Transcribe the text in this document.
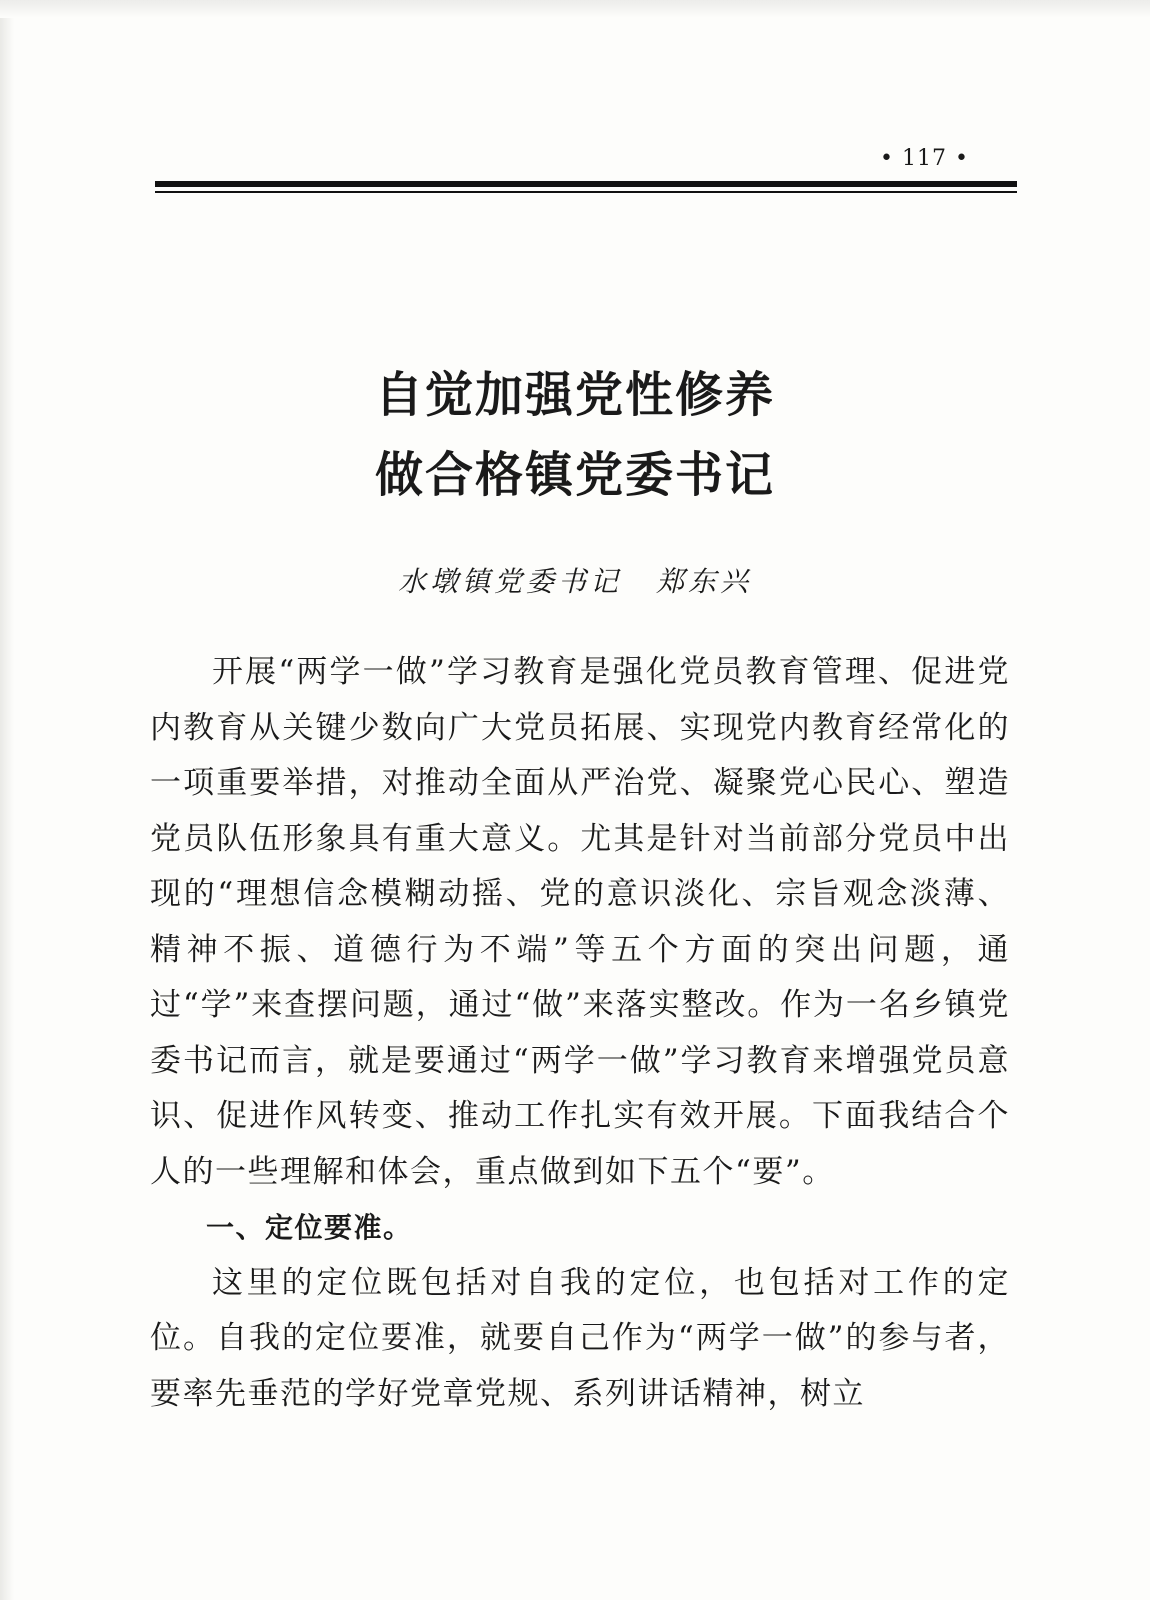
• 117 •
自觉加强党性修养
做合格镇党委书记
水墩镇党委书记 郑东兴

开展“两学一做”学习教育是强化党员教育管理、促进党内教育从关键少数向广大党员拓展、实现党内教育经常化的一项重要举措，对推动全面从严治党、凝聚党心民心、塑造党员队伍形象具有重大意义。尤其是针对当前部分党员中出现的“理想信念模糊动摇、党的意识淡化、宗旨观念淡薄、精神不振、道德行为不端”等五个方面的突出问题，通过“学”来查摆问题，通过“做”来落实整改。作为一名乡镇党委书记而言，就是要通过“两学一做”学习教育来增强党员意识、促进作风转变、推动工作扎实有效开展。下面我结合个人的一些理解和体会，重点做到如下五个“要”。

一、定位要准。

这里的定位既包括对自我的定位，也包括对工作的定位。自我的定位要准，就要自己作为“两学一做”的参与者，要率先垂范的学好党章党规、系列讲话精神，树立
